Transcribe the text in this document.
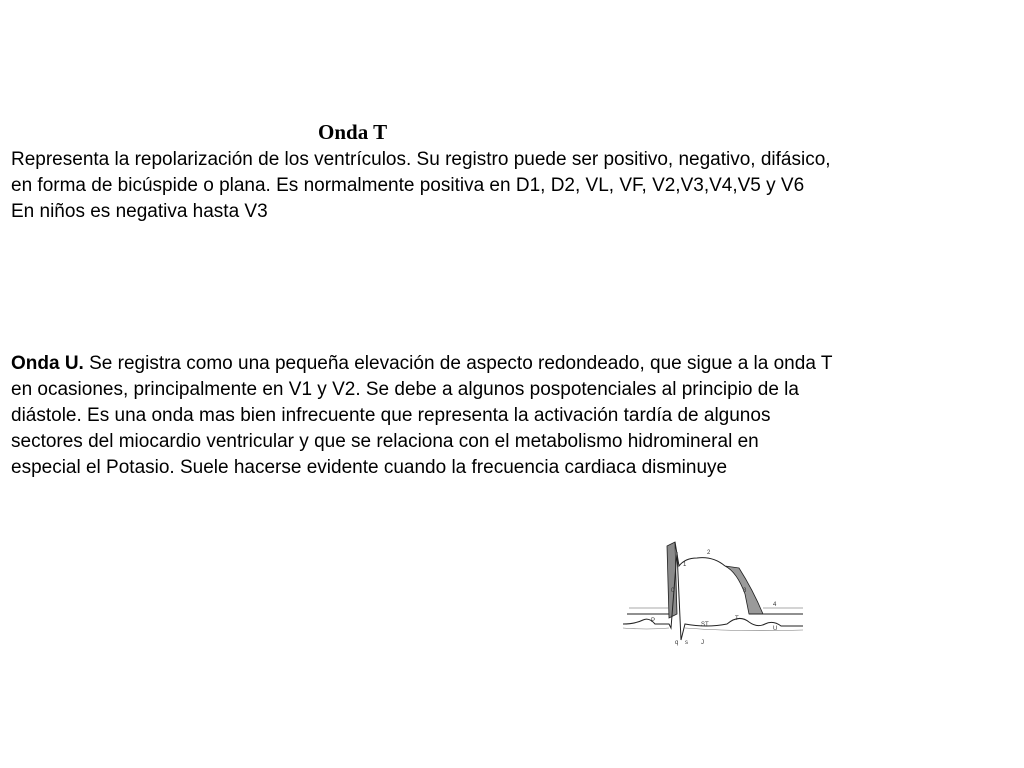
Onda T

Representa la repolarización de los ventrículos. Su registro puede ser positivo, negativo, difásico,
en forma de bicúspide o plana. Es normalmente positiva en D1, D2, VL, VF, V2,V3,V4,V5 y V6
En niños es negativa hasta V3

Onda U. Se registra como una pequeña elevación de aspecto redondeado, que sigue a la onda T
en ocasiones, principalmente en V1 y V2. Se debe a algunos pospotenciales al principio de la
diástole. Es una onda mas bien infrecuente que representa la activación tardía de algunos
sectores del miocardio ventricular y que se relaciona con el metabolismo hidromineral en
especial el Potasio. Suele hacerse evidente cuando la frecuencia cardiaca disminuye

0
1
2
3
4
P
ST
T
U
q s J
